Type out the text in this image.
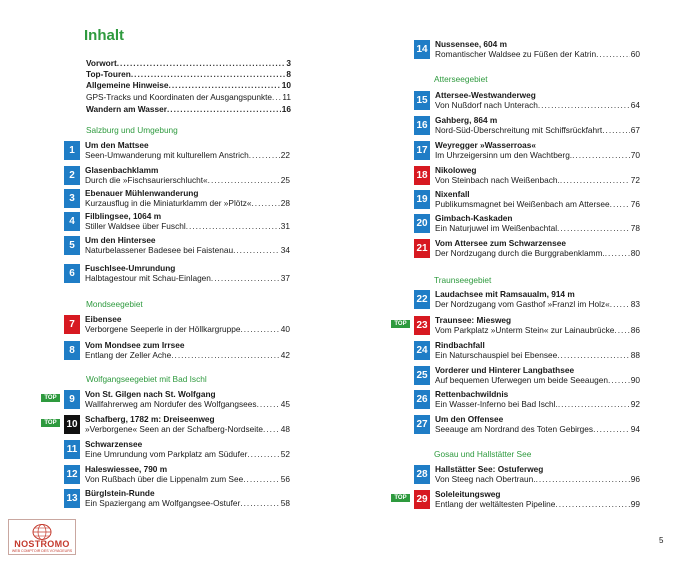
Inhalt
Vorwort .....	3
Top-Touren .....	8
Allgemeine Hinweise .....	10
GPS-Tracks und Koordinaten der Ausgangspunkte ..... 11
Wandern am Wasser .....	16
Salzburg und Umgebung
Mondseegebiet
Wolfgangseegebiet mit Bad Ischl
Atterseegebiet
Traunseegebiet
Gosau und Hallstätter See
1	Um den Mattsee
Seen-Umwanderung mit kulturellem Anstrich .....	22
2	Glasenbachklamm
Durch die »Fischsaurierschlucht« .....	25
3	Ebenauer Mühlenwanderung
Kurzausflug in die Miniaturklamm der »Plötz« .....	28
4	Filblingsee, 1064 m
Stiller Waldsee über Fuschl .....	31
5	Um den Hintersee
Naturbelassener Badesee bei Faistenau .....	34
6	Fuschlsee-Umrundung
Halbtagestour mit Schau-Einlagen .....	37
7	Eibensee
Verborgene Seeperle in der Höllkargruppe .....	40
8	Vom Mondsee zum Irrsee
Entlang der Zeller Ache .....	42
9	Von St. Gilgen nach St. Wolfgang
Wallfahrerweg am Nordufer des Wolfgangsees .....	45
TOP
10 Schafberg, 1782 m: Dreiseenweg
»Verborgene« Seen an der Schafberg-Nordseite ..... 48
TOP
11 Schwarzensee
Eine Umrundung vom Parkplatz am Südufer .....	52
12 Haleswiessee, 790 m
Von Rußbach über die Lippenalm zum See .....	56
13 Bürglstein-Runde
Ein Spaziergang am Wolfgangsee-Ostufer .....	58
14 Nussensee, 604 m
Romantischer Waldsee zu Füßen der Katrin .....	60
15 Attersee-Westwanderweg
Von Nußdorf nach Unterach .....	64
16 Gahberg, 864 m
Nord-Süd-Überschreitung mit Schiffsrückfahrt .....	67
17 Weyregger »Wasserroas«
Im Uhrzeigersinn um den Wachtberg. .....	70
18 Nikoloweg
Von Steinbach nach Weißenbach. .....	72
19 Nixenfall
Publikumsmagnet bei Weißenbach am Attersee .....	76
20 Gimbach-Kaskaden
Ein Naturjuwel im Weißenbachtal .....	78
21 Vom Attersee zum Schwarzensee
Der Nordzugang durch die Burggrabenklamm. .....	80
22 Laudachsee mit Ramsaualm, 914 m
Der Nordzugang vom Gasthof »Franzl im Holz« .....	83
23 Traunsee: Miesweg
Vom Parkplatz »Unterm Stein« zur Lainaubrücke ..... 86
TOP
24 Rindbachfall
Ein Naturschauspiel bei Ebensee .....	88
25 Vorderer und Hinterer Langbathsee
Auf bequemen Uferwegen um beide Seeaugen .....	90
26 Rettenbachwildnis
Ein Wasser-Inferno bei Bad Ischl. .....	92
27 Um den Offensee
Seeauge am Nordrand des Toten Gebirges .....	94
28 Hallstätter See: Ostuferweg
Von Steeg nach Obertraun. .....	96
29 Soleleitungsweg
Entlang der weltältesten Pipeline .....	99
TOP
NOSTROMO
WEB COMPTOIR DES VOYAGEURS
5
